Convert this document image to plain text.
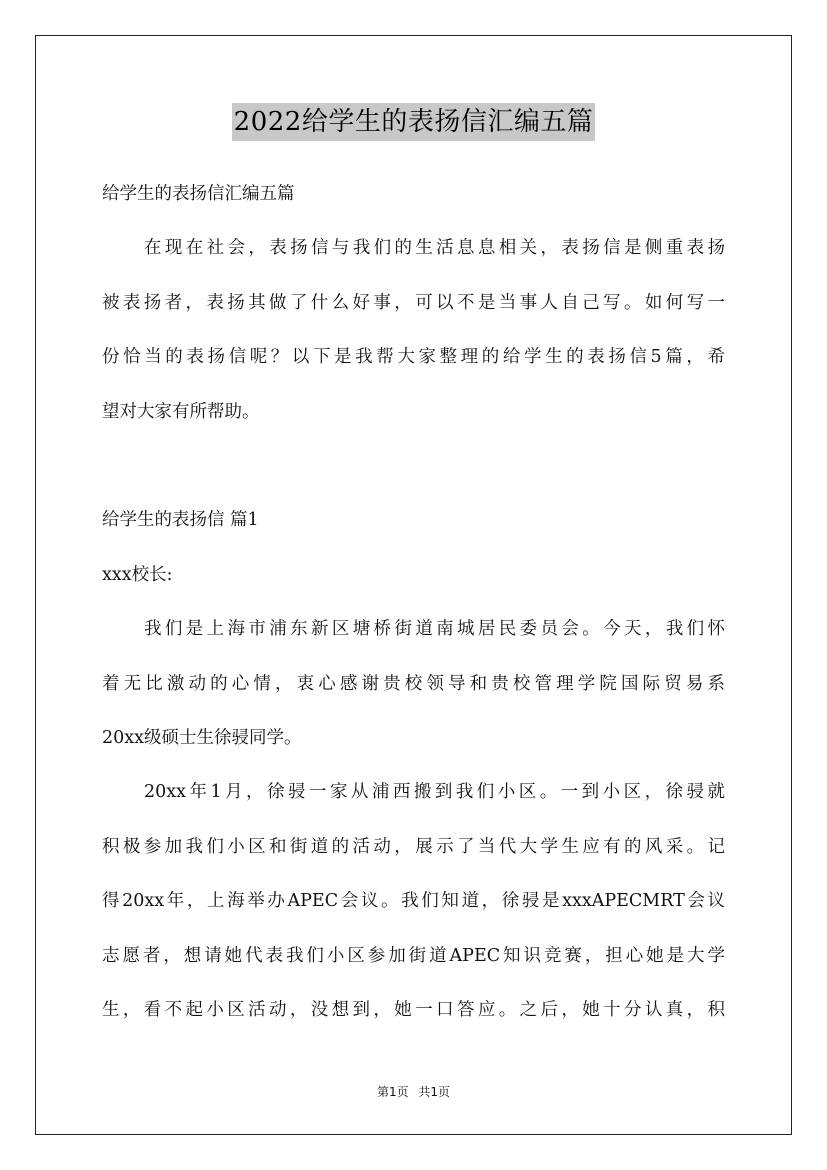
2022给学生的表扬信汇编五篇
给学生的表扬信汇编五篇
在现在社会，表扬信与我们的生活息息相关，表扬信是侧重表扬
被表扬者，表扬其做了什么好事，可以不是当事人自己写。如何写一
份恰当的表扬信呢？以下是我帮大家整理的给学生的表扬信5篇，希
望对大家有所帮助。
给学生的表扬信 篇1
xxx校长:
我们是上海市浦东新区塘桥街道南城居民委员会。今天，我们怀
着无比激动的心情，衷心感谢贵校领导和贵校管理学院国际贸易系
20xx级硕士生徐骎同学。
20xx年1月，徐骎一家从浦西搬到我们小区。一到小区，徐骎就
积极参加我们小区和街道的活动，展示了当代大学生应有的风采。记
得20xx年，上海举办APEC会议。我们知道，徐骎是xxxAPECMRT会议
志愿者，想请她代表我们小区参加街道APEC知识竞赛，担心她是大学
生，看不起小区活动，没想到，她一口答应。之后，她十分认真，积
第1页 共1页
